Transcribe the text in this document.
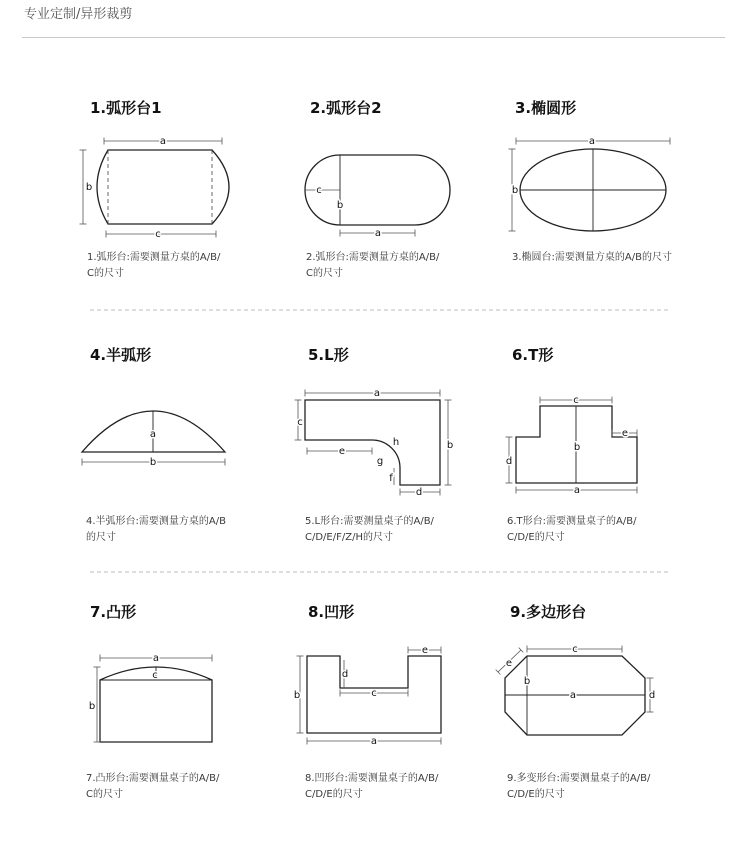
专业定制/异形裁剪
1.弧形台1	2.弧形台2	3.椭圆形
4.半弧形	5.L形	6.T形
7.凸形	8.凹形	9.多边形台
1.弧形台:需要测量方桌的A/B/
C的尺寸
2.弧形台:需要测量方桌的A/B/
C的尺寸
3.椭圆台:需要测量方桌的A/B的尺寸
4.半弧形台:需要测量方桌的A/B
的尺寸
5.L形台:需要测量桌子的A/B/
C/D/E/F/Z/H的尺寸
6.T形台:需要测量桌子的A/B/
C/D/E的尺寸
7.凸形台:需要测量桌子的A/B/
C的尺寸
8.凹形台:需要测量桌子的A/B/
C/D/E的尺寸
9.多变形台:需要测量桌子的A/B/
C/D/E的尺寸
a
b
c
c
b
a
a
b
a
b
a
b
c
d
e
f
g
h	b
c
e
d
a
c
a
b
e
d
c
b
a
c
e
b
a	d
